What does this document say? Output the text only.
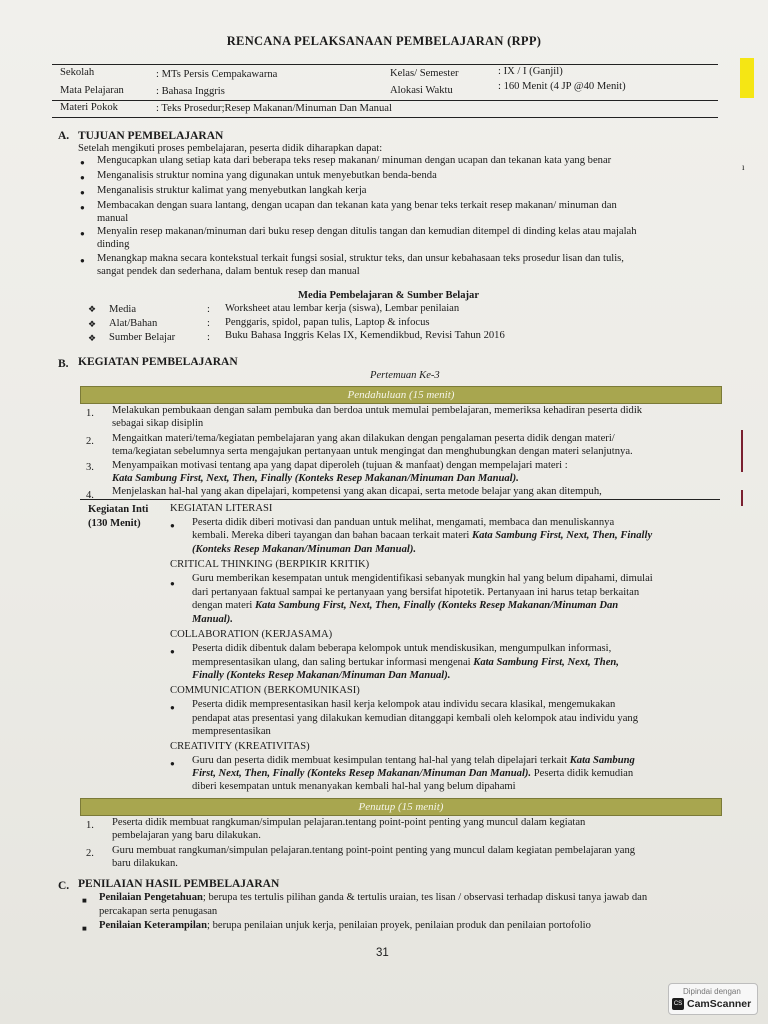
ı
RENCANA PELAKSANAAN PEMBELAJARAN (RPP)
Sekolah	: MTs Persis Cempakawarna	Kelas/ Semester	: IX / I (Ganjil)
Mata Pelajaran	: Bahasa Inggris	Alokasi Waktu	: 160 Menit (4 JP @40 Menit)
Materi Pokok	: Teks Prosedur;Resep Makanan/Minuman Dan Manual
A. TUJUAN PEMBELAJARAN
Setelah mengikuti proses pembelajaran, peserta didik diharapkan dapat:
● Mengucapkan ulang setiap kata dari beberapa teks resep makanan/ minuman dengan ucapan dan tekanan kata yang benar
● Menganalisis struktur nomina yang digunakan untuk menyebutkan benda-benda
● Menganalisis struktur kalimat yang menyebutkan langkah kerja
● Membacakan dengan suara lantang, dengan ucapan dan tekanan kata yang benar teks terkait resep makanan/ minuman dan
manual
● Menyalin resep makanan/minuman dari buku resep dengan ditulis tangan dan kemudian ditempel di dinding kelas atau majalah
dinding
● Menangkap makna secara kontekstual terkait fungsi sosial, struktur teks, dan unsur kebahasaan teks prosedur lisan dan tulis,
sangat pendek dan sederhana, dalam bentuk resep dan manual
Media Pembelajaran & Sumber Belajar
❖ Media	: Worksheet atau lembar kerja (siswa), Lembar penilaian
❖ Alat/Bahan	: Penggaris, spidol, papan tulis, Laptop & infocus
❖ Sumber Belajar	: Buku Bahasa Inggris Kelas IX, Kemendikbud, Revisi Tahun 2016
B. KEGIATAN PEMBELAJARAN
Pertemuan Ke-3
Pendahuluan (15 menit)
1. Melakukan pembukaan dengan salam pembuka dan berdoa untuk memulai pembelajaran, memeriksa kehadiran peserta didik
sebagai sikap disiplin
2. Mengaitkan materi/tema/kegiatan pembelajaran yang akan dilakukan dengan pengalaman peserta didik dengan materi/
tema/kegiatan sebelumnya serta mengajukan pertanyaan untuk mengingat dan menghubungkan dengan materi selanjutnya.
3. Menyampaikan motivasi tentang apa yang dapat diperoleh (tujuan & manfaat) dengan mempelajari materi :
Kata Sambung First, Next, Then, Finally (Konteks Resep Makanan/Minuman Dan Manual).
4. Menjelaskan hal-hal yang akan dipelajari, kompetensi yang akan dicapai, serta metode belajar yang akan ditempuh,
Kegiatan Inti
(130 Menit)
KEGIATAN LITERASI
● Peserta didik diberi motivasi dan panduan untuk melihat, mengamati, membaca dan menuliskannya
kembali. Mereka diberi tayangan dan bahan bacaan terkait materi Kata Sambung First, Next, Then, Finally
(Konteks Resep Makanan/Minuman Dan Manual).
CRITICAL THINKING (BERPIKIR KRITIK)
● Guru memberikan kesempatan untuk mengidentifikasi sebanyak mungkin hal yang belum dipahami, dimulai
dari pertanyaan faktual sampai ke pertanyaan yang bersifat hipotetik. Pertanyaan ini harus tetap berkaitan
dengan materi Kata Sambung First, Next, Then, Finally (Konteks Resep Makanan/Minuman Dan
Manual).
COLLABORATION (KERJASAMA)
● Peserta didik dibentuk dalam beberapa kelompok untuk mendiskusikan, mengumpulkan informasi,
mempresentasikan ulang, dan saling bertukar informasi mengenai Kata Sambung First, Next, Then,
Finally (Konteks Resep Makanan/Minuman Dan Manual).
COMMUNICATION (BERKOMUNIKASI)
● Peserta didik mempresentasikan hasil kerja kelompok atau individu secara klasikal, mengemukakan
pendapat atas presentasi yang dilakukan kemudian ditanggapi kembali oleh kelompok atau individu yang
mempresentasikan
CREATIVITY (KREATIVITAS)
● Guru dan peserta didik membuat kesimpulan tentang hal-hal yang telah dipelajari terkait Kata Sambung
First, Next, Then, Finally (Konteks Resep Makanan/Minuman Dan Manual). Peserta didik kemudian
diberi kesempatan untuk menanyakan kembali hal-hal yang belum dipahami
Penutup (15 menit)
1. Peserta didik membuat rangkuman/simpulan pelajaran.tentang point-point penting yang muncul dalam kegiatan
pembelajaran yang baru dilakukan.
2. Guru membuat rangkuman/simpulan pelajaran.tentang point-point penting yang muncul dalam kegiatan pembelajaran yang
baru dilakukan.
C. PENILAIAN HASIL PEMBELAJARAN
■ Penilaian Pengetahuan; berupa tes tertulis pilihan ganda & tertulis uraian, tes lisan / observasi terhadap diskusi tanya jawab dan
percakapan serta penugasan
■ Penilaian Keterampilan; berupa penilaian unjuk kerja, penilaian proyek, penilaian produk dan penilaian portofolio
31
Dipindai dengan
CS CamScanner
